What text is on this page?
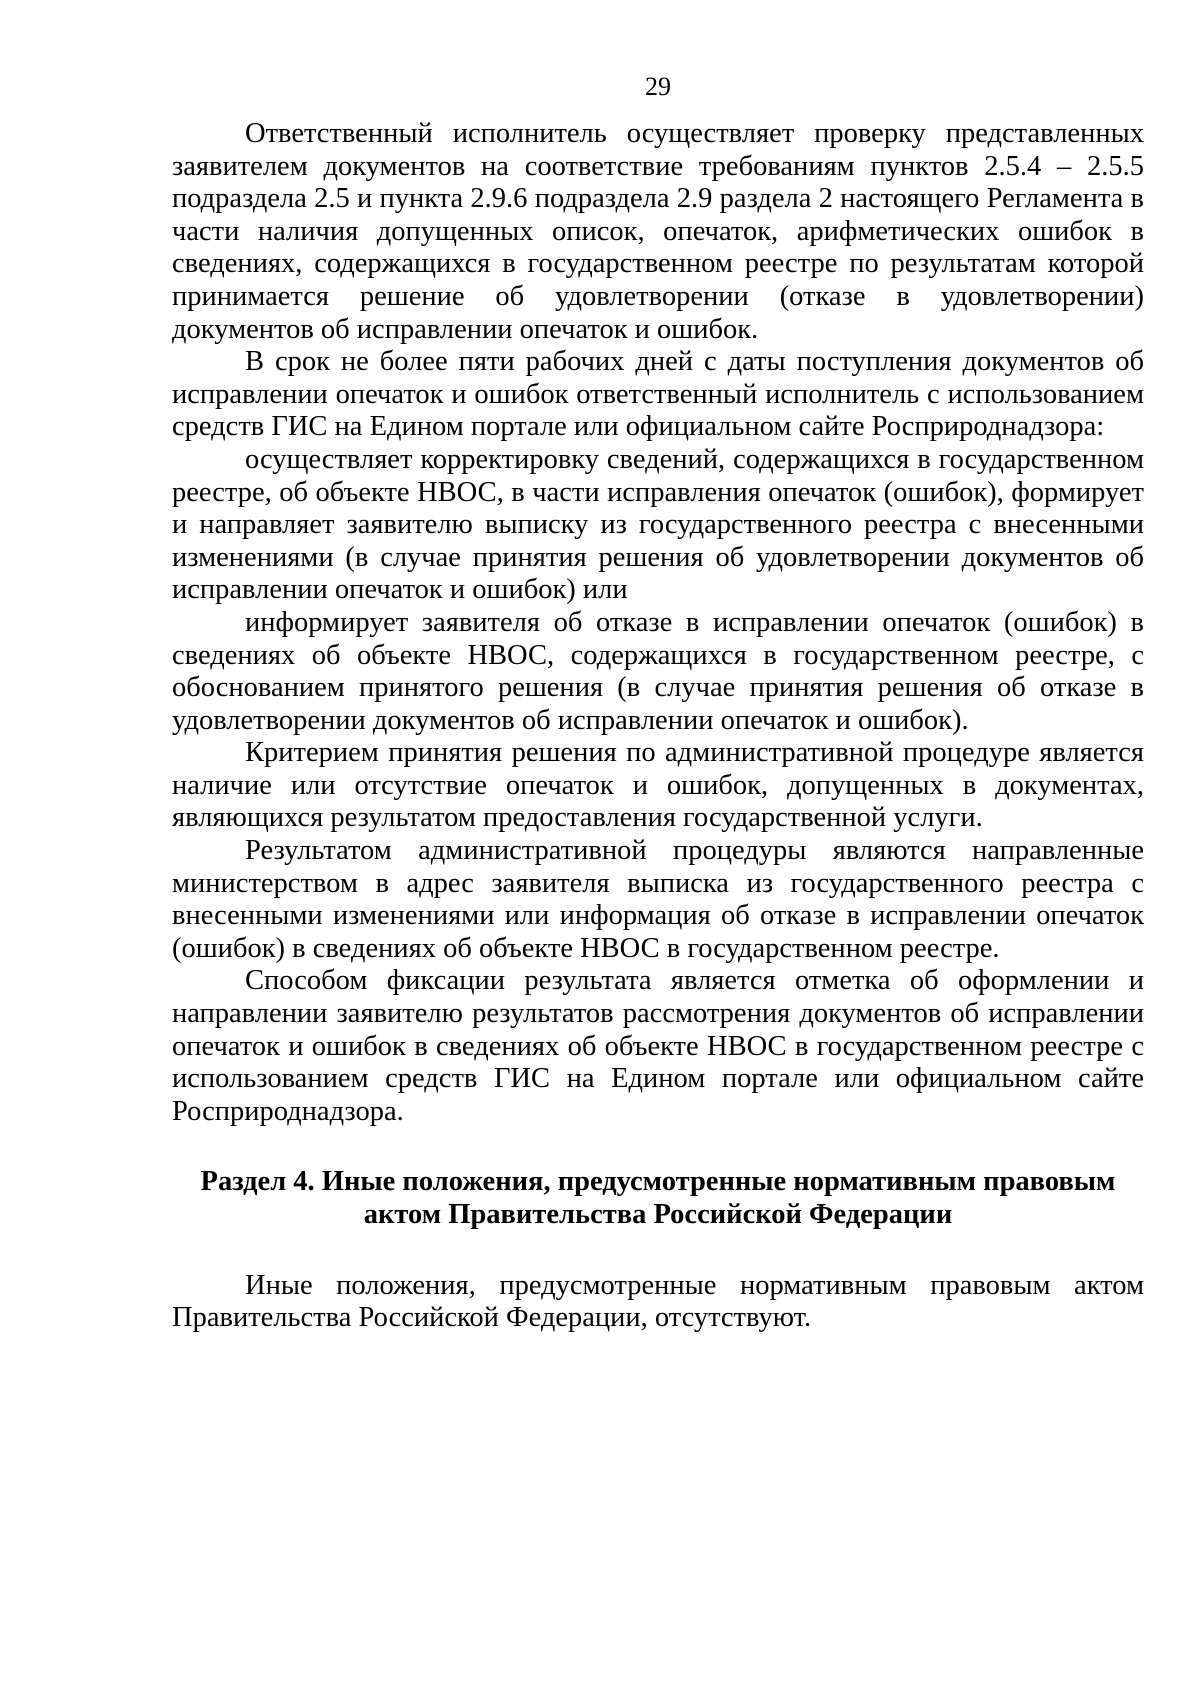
29

Ответственный исполнитель осуществляет проверку представленных заявителем документов на соответствие требованиям пунктов 2.5.4 – 2.5.5 подраздела 2.5 и пункта 2.9.6 подраздела 2.9 раздела 2 настоящего Регламента в части наличия допущенных описок, опечаток, арифметических ошибок в сведениях, содержащихся в государственном реестре по результатам которой принимается решение об удовлетворении (отказе в удовлетворении) документов об исправлении опечаток и ошибок.

В срок не более пяти рабочих дней с даты поступления документов об исправлении опечаток и ошибок ответственный исполнитель с использованием средств ГИС на Едином портале или официальном сайте Росприроднадзора:

осуществляет корректировку сведений, содержащихся в государственном реестре, об объекте НВОС, в части исправления опечаток (ошибок), формирует и направляет заявителю выписку из государственного реестра с внесенными изменениями (в случае принятия решения об удовлетворении документов об исправлении опечаток и ошибок) или

информирует заявителя об отказе в исправлении опечаток (ошибок) в сведениях об объекте НВОС, содержащихся в государственном реестре, с обоснованием принятого решения (в случае принятия решения об отказе в удовлетворении документов об исправлении опечаток и ошибок).

Критерием принятия решения по административной процедуре является наличие или отсутствие опечаток и ошибок, допущенных в документах, являющихся результатом предоставления государственной услуги.

Результатом административной процедуры являются направленные министерством в адрес заявителя выписка из государственного реестра с внесенными изменениями или информация об отказе в исправлении опечаток (ошибок) в сведениях об объекте НВОС в государственном реестре.

Способом фиксации результата является отметка об оформлении и направлении заявителю результатов рассмотрения документов об исправлении опечаток и ошибок в сведениях об объекте НВОС в государственном реестре с использованием средств ГИС на Едином портале или официальном сайте Росприроднадзора.

Раздел 4. Иные положения, предусмотренные нормативным правовым
актом Правительства Российской Федерации

Иные положения, предусмотренные нормативным правовым актом Правительства Российской Федерации, отсутствуют.
